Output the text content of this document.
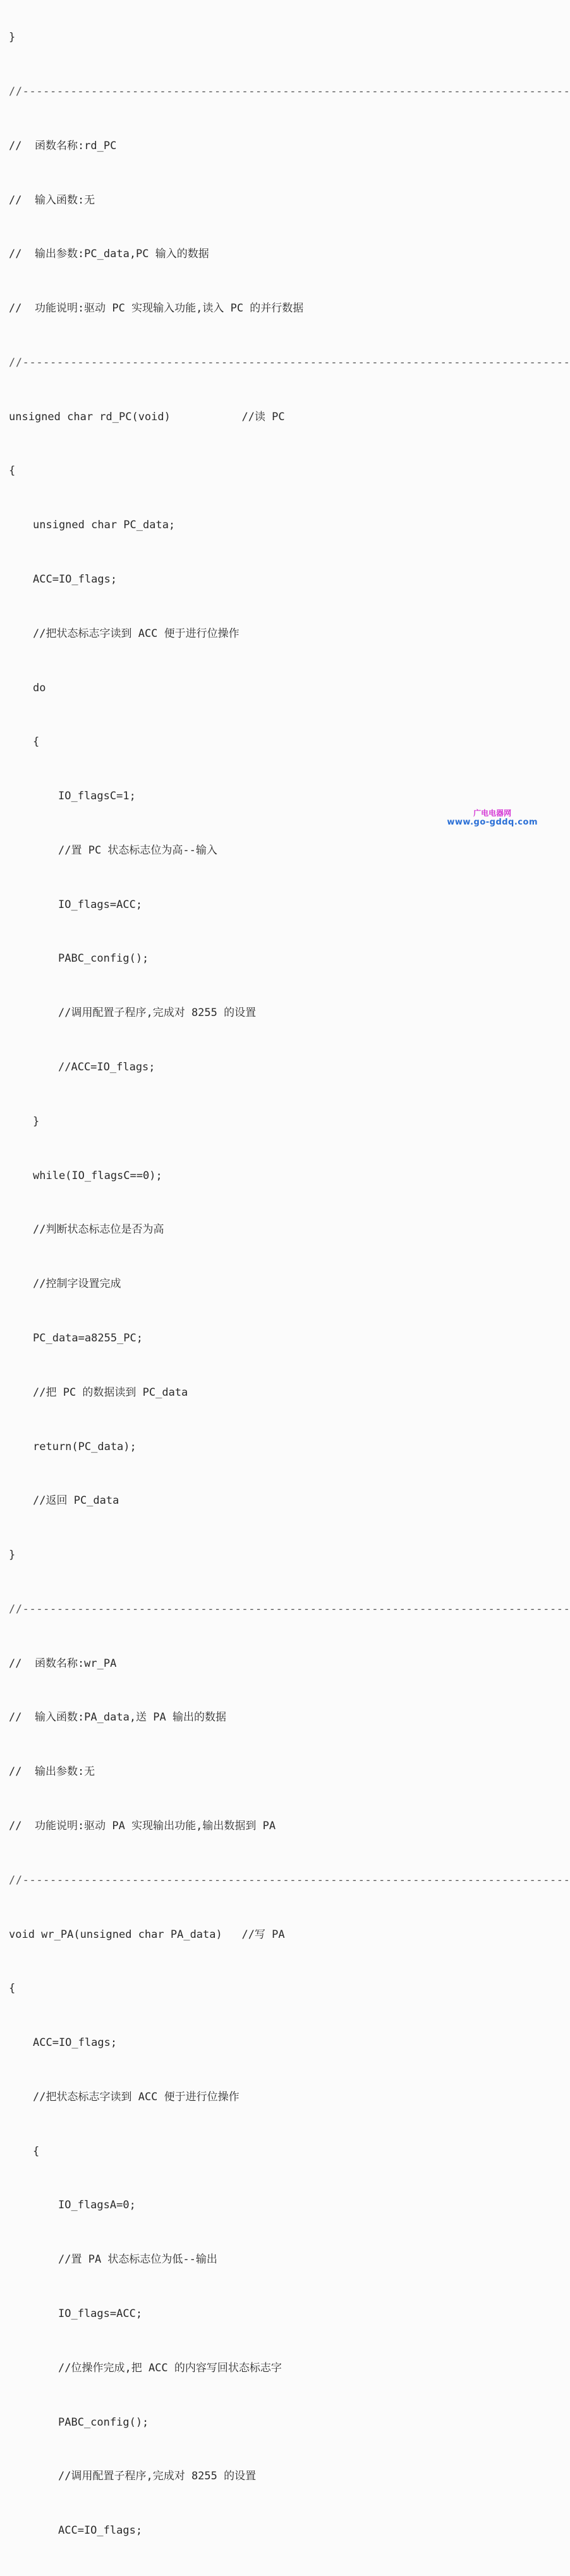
}

//--------------------------------------------------------------------------------

//  函数名称:rd_PC

//  输入函数:无

//  输出参数:PC_data,PC 输入的数据

//  功能说明:驱动 PC 实现输入功能,读入 PC 的并行数据

//--------------------------------------------------------------------------------

unsigned char rd_PC(void)           //读 PC

{

unsigned char PC_data;

ACC=IO_flags;

//把状态标志字读到 ACC 便于进行位操作

do

{

IO_flagsC=1;

//置 PC 状态标志位为高--输入

IO_flags=ACC;

PABC_config();

//调用配置子程序,完成对 8255 的设置

//ACC=IO_flags;

}

while(IO_flagsC==0);

//判断状态标志位是否为高

//控制字设置完成

PC_data=a8255_PC;

//把 PC 的数据读到 PC_data

return(PC_data);

//返回 PC_data

}

//--------------------------------------------------------------------------------

//  函数名称:wr_PA

//  输入函数:PA_data,送 PA 输出的数据

//  输出参数:无

//  功能说明:驱动 PA 实现输出功能,输出数据到 PA

//--------------------------------------------------------------------------------

void wr_PA(unsigned char PA_data)   //写 PA

{

ACC=IO_flags;

//把状态标志字读到 ACC 便于进行位操作

{

IO_flagsA=0;

//置 PA 状态标志位为低--输出

IO_flags=ACC;

//位操作完成,把 ACC 的内容写回状态标志字

PABC_config();

//调用配置子程序,完成对 8255 的设置

ACC=IO_flags;

广电电器网
www.go-gddq.com
